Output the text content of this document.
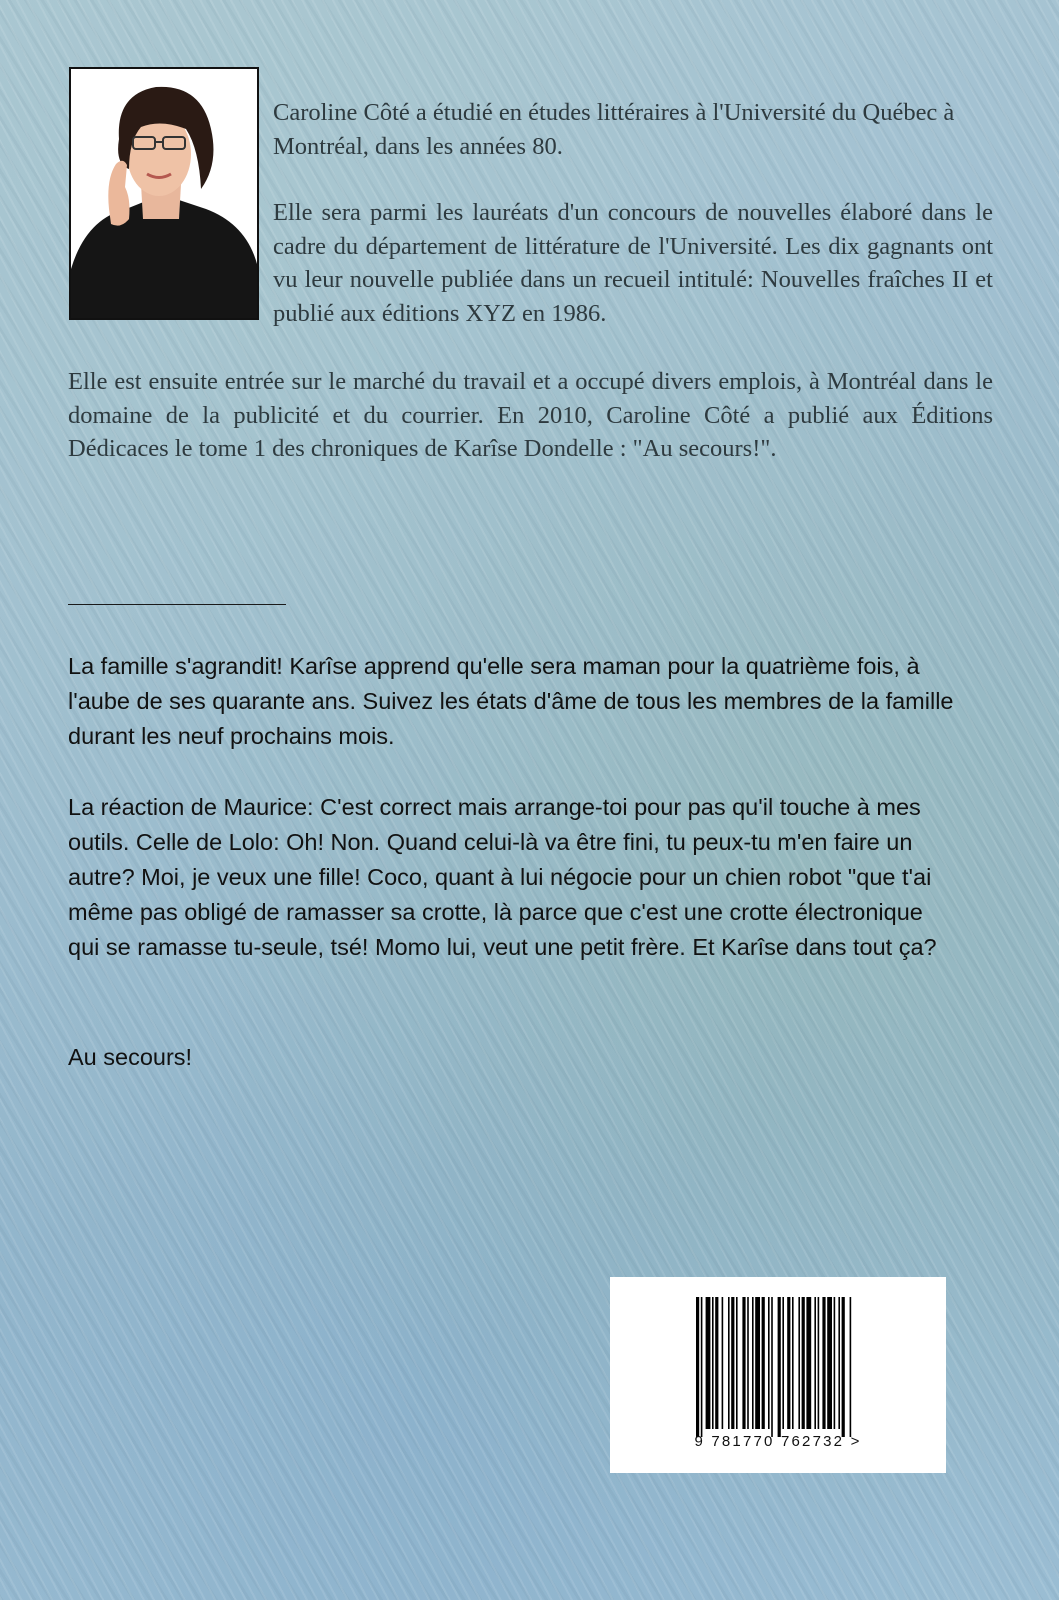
Caroline Côté a étudié en études littéraires à l'Université du Québec à Montréal, dans les années 80.

Elle sera parmi les lauréats d'un concours de nouvelles élaboré dans le cadre du département de littérature de l'Université. Les dix gagnants ont vu leur nouvelle publiée dans un recueil intitulé: Nouvelles fraîches II et publié aux éditions XYZ en 1986.

Elle est ensuite entrée sur le marché du travail et a occupé divers emplois, à Montréal dans le domaine de la publicité et du courrier. En 2010, Caroline Côté a publié aux Éditions Dédicaces le tome 1 des chroniques de Karîse Dondelle : "Au secours!".

La famille s'agrandit! Karîse apprend qu'elle sera maman pour la quatrième fois, à l'aube de ses quarante ans. Suivez les états d'âme de tous les membres de la famille durant les neuf prochains mois.

La réaction de Maurice: C'est correct mais arrange-toi pour pas qu'il touche à mes outils. Celle de Lolo: Oh! Non. Quand celui-là va être fini, tu peux-tu m'en faire un autre? Moi, je veux une fille! Coco, quant à lui négocie pour un chien robot "que t'ai même pas obligé de ramasser sa crotte, là parce que c'est une crotte électronique qui se ramasse tu-seule, tsé! Momo lui, veut une petit frère. Et Karîse dans tout ça?

Au secours!

9 781770 762732 >
